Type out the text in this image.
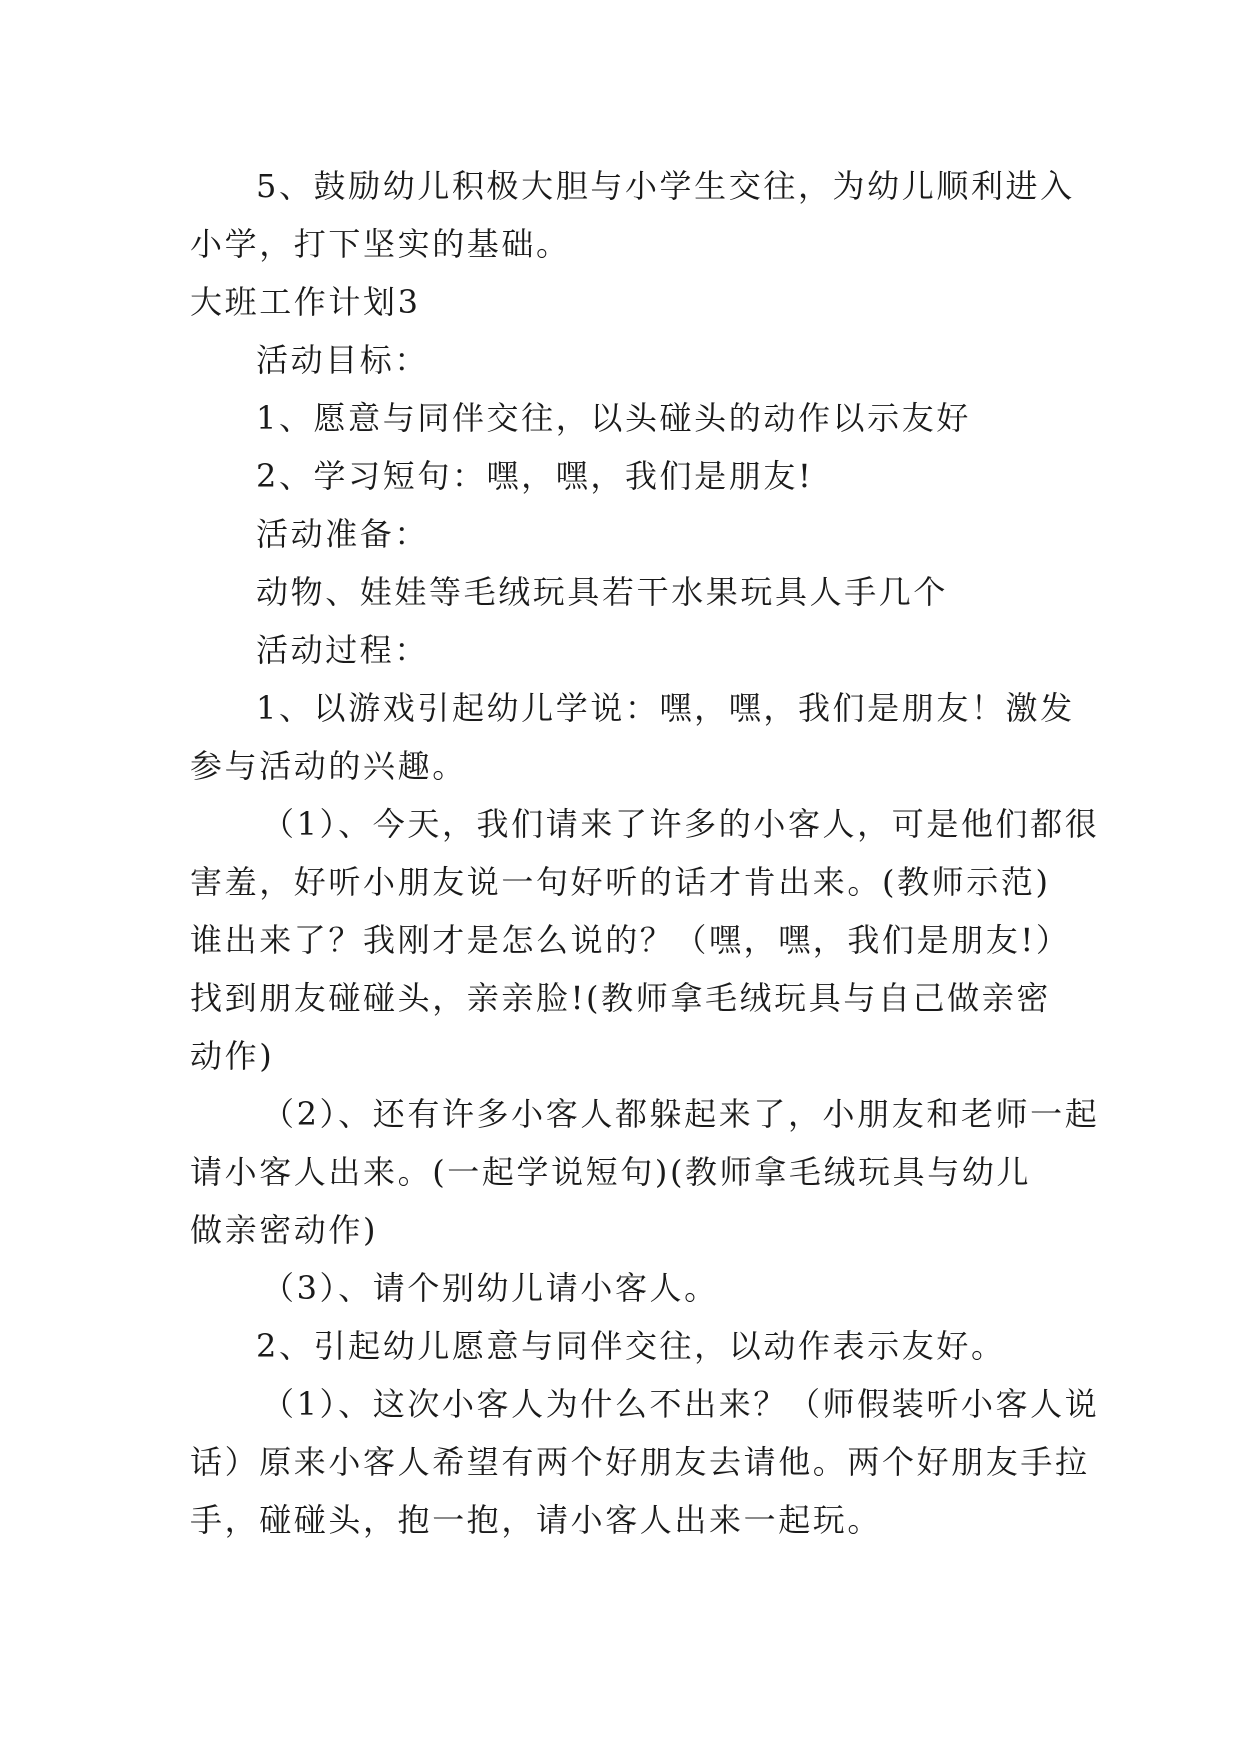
5、鼓励幼儿积极大胆与小学生交往，为幼儿顺利进入
小学，打下坚实的基础。
大班工作计划3
活动目标：
1、愿意与同伴交往，以头碰头的动作以示友好
2、学习短句：嘿，嘿，我们是朋友!
活动准备：
动物、娃娃等毛绒玩具若干水果玩具人手几个
活动过程：
1、以游戏引起幼儿学说：嘿，嘿，我们是朋友！激发
参与活动的兴趣。
（1）、今天，我们请来了许多的小客人，可是他们都很
害羞，好听小朋友说一句好听的话才肯出来。(教师示范)
谁出来了？我刚才是怎么说的？（嘿，嘿，我们是朋友!）
找到朋友碰碰头，亲亲脸!(教师拿毛绒玩具与自己做亲密
动作)
（2）、还有许多小客人都躲起来了，小朋友和老师一起
请小客人出来。(一起学说短句)(教师拿毛绒玩具与幼儿
做亲密动作)
（3）、请个别幼儿请小客人。
2、引起幼儿愿意与同伴交往，以动作表示友好。
（1）、这次小客人为什么不出来？（师假装听小客人说
话）原来小客人希望有两个好朋友去请他。两个好朋友手拉
手，碰碰头，抱一抱，请小客人出来一起玩。
